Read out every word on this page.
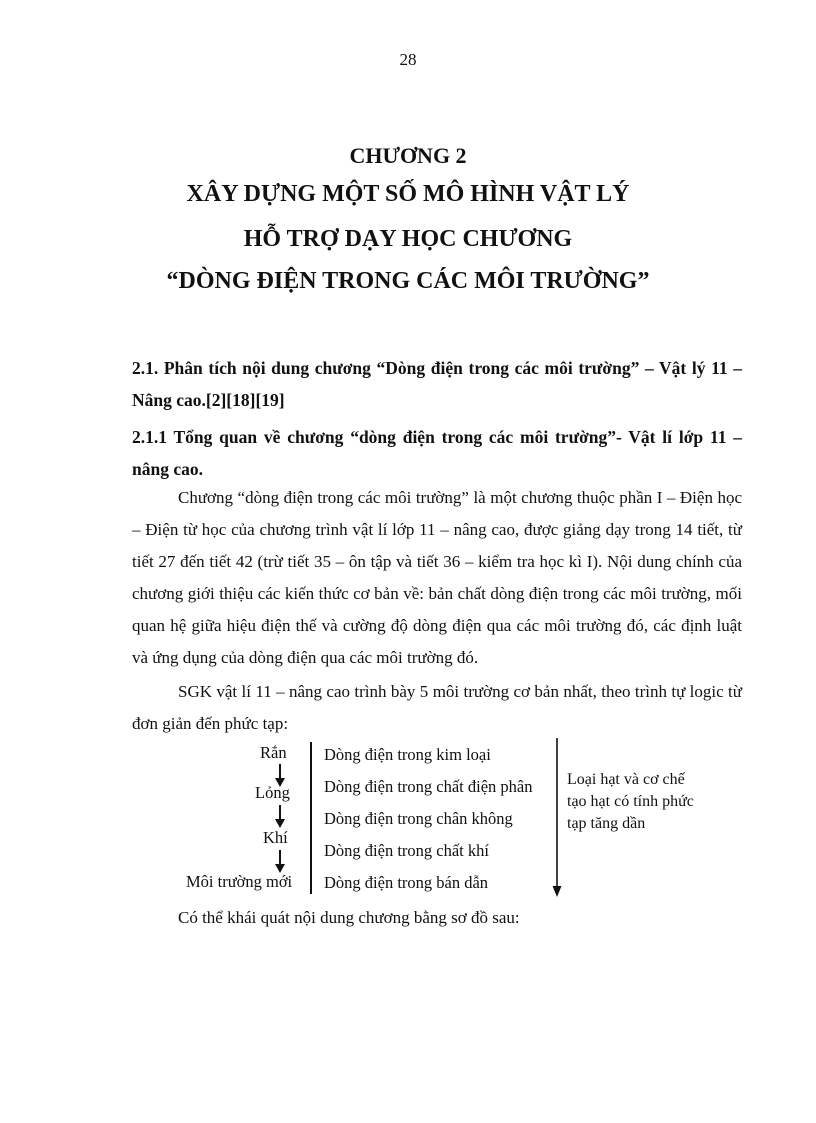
28
CHƯƠNG 2
XÂY DỰNG MỘT SỐ MÔ HÌNH VẬT LÝ
HỖ TRỢ DẠY HỌC CHƯƠNG
“DÒNG ĐIỆN TRONG CÁC MÔI TRƯỜNG”
2.1. Phân tích nội dung chương “Dòng điện trong các môi trường” – Vật lý 11 – Nâng cao.[2][18][19]
2.1.1 Tổng quan về chương “dòng điện trong các môi trường”- Vật lí lớp 11 – nâng cao.
Chương “dòng điện trong các môi trường” là một chương thuộc phần I – Điện học – Điện từ học của chương trình vật lí lớp 11 – nâng cao, được giảng dạy trong 14 tiết, từ tiết 27 đến tiết 42 (trừ tiết 35 – ôn tập và tiết 36 – kiểm tra học kì I). Nội dung chính của chương giới thiệu các kiến thức cơ bản về: bản chất dòng điện trong các môi trường, mối quan hệ giữa hiệu điện thế và cường độ dòng điện qua các môi trường đó, các định luật và ứng dụng của dòng điện qua các môi trường đó.
SGK vật lí 11 – nâng cao trình bày 5 môi trường cơ bản nhất, theo trình tự logic từ đơn giản đến phức tạp:
Rắn
Lỏng
Khí
Môi trường mới
Dòng điện trong kim loại
Dòng điện trong chất điện phân
Dòng điện trong chân không
Dòng điện trong chất khí
Dòng điện trong bán dẫn
Loại hạt và cơ chế tạo hạt có tính phức tạp tăng dần
Có thể khái quát nội dung chương bằng sơ đồ sau:
